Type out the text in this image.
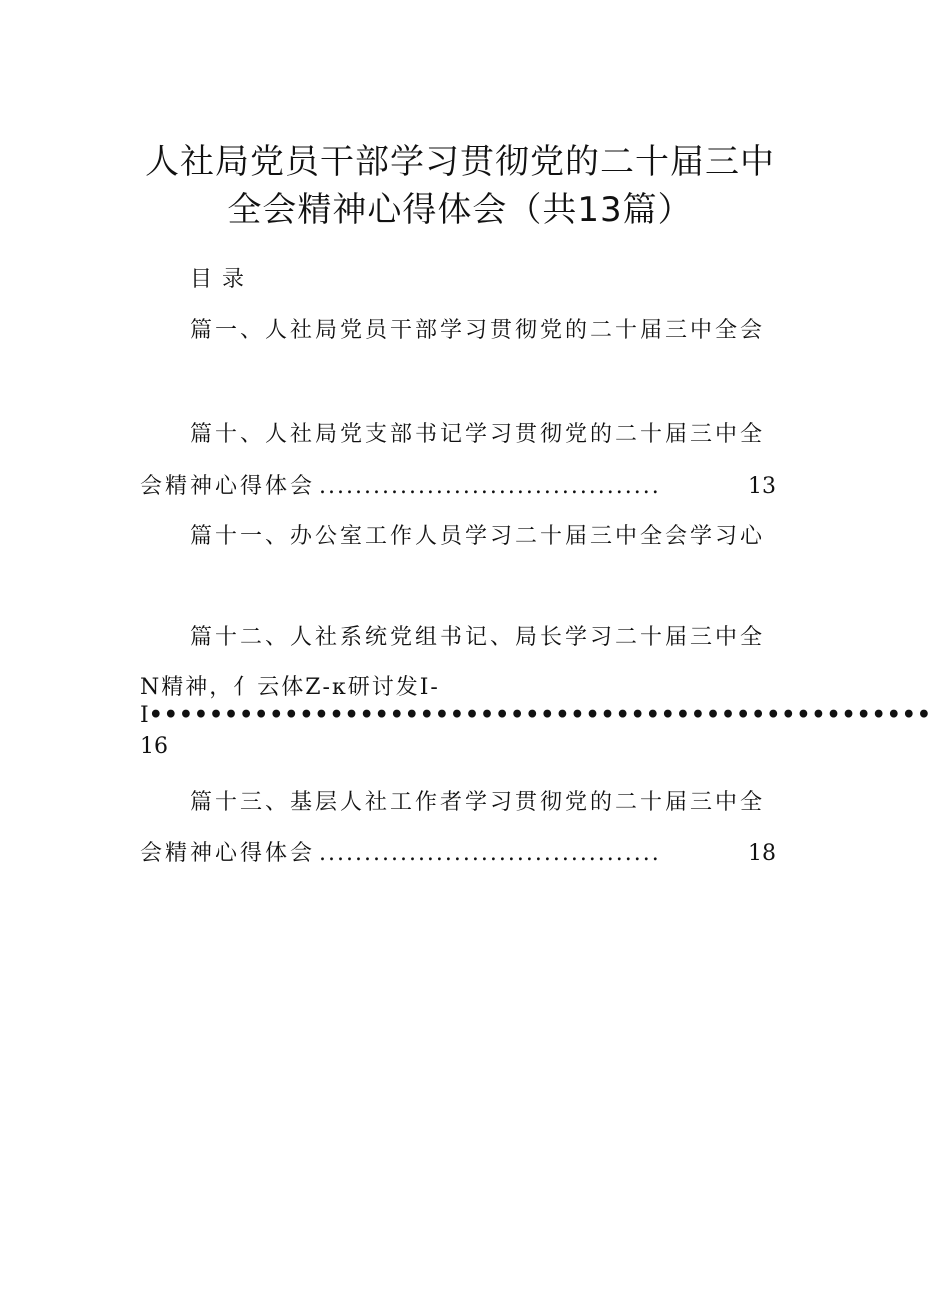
人社局党员干部学习贯彻党的二十届三中
全会精神心得体会（共13篇）
目录
篇一、人社局党员干部学习贯彻党的二十届三中全会
篇十、人社局党支部书记学习贯彻党的二十届三中全
会精神心得体会 ......................................	13
篇十一、办公室工作人员学习二十届三中全会学习心
篇十二、人社系统党组书记、局长学习二十届三中全
N精神，亻云体Z-κ研讨发I-
I••••••••••••••••••••••••••••••••••••••••••••••••••••
16
篇十三、基层人社工作者学习贯彻党的二十届三中全
会精神心得体会 ......................................	18
